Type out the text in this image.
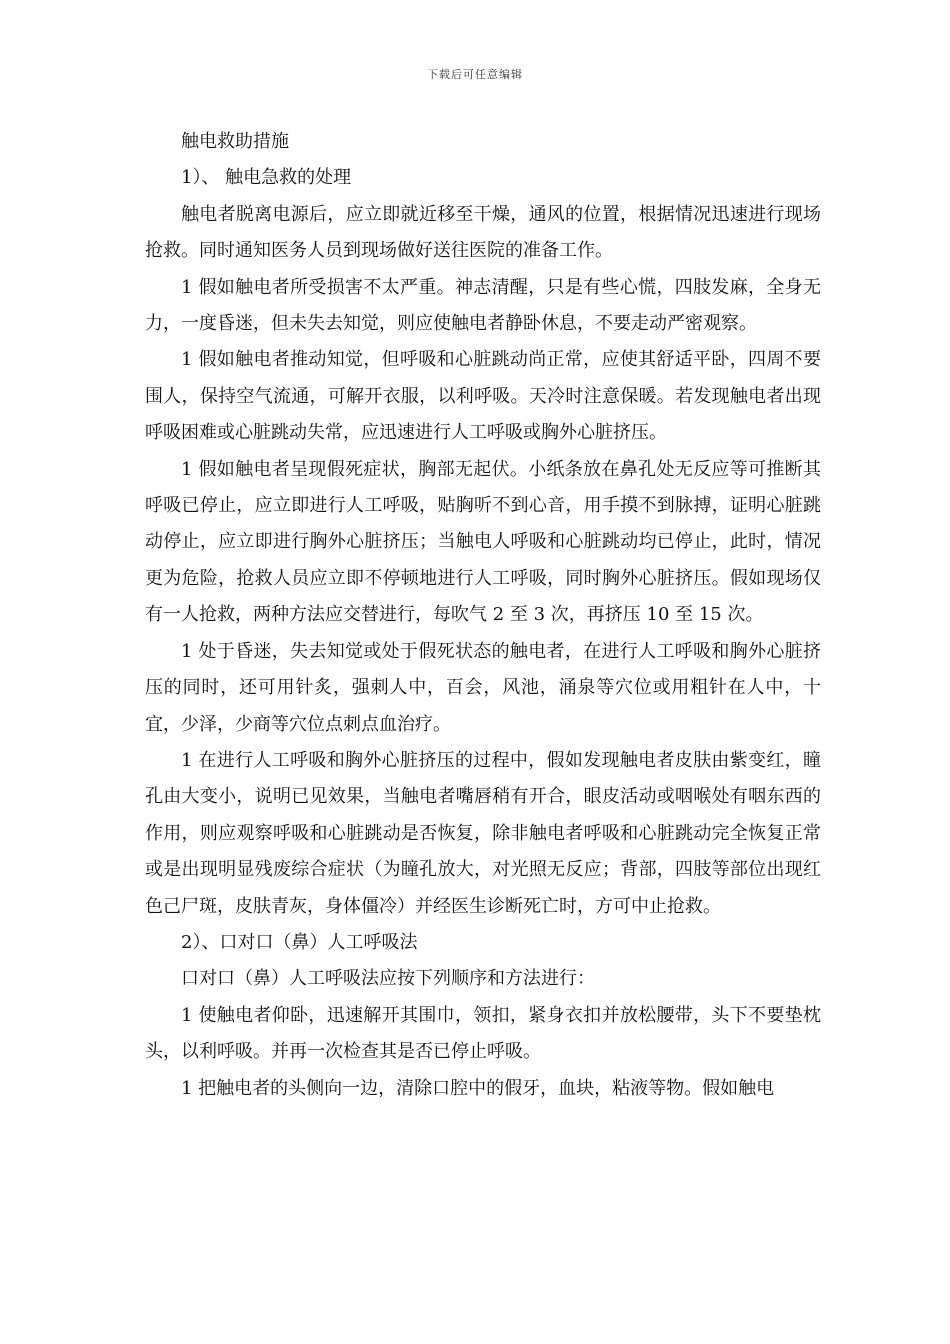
下载后可任意编辑

触电救助措施

1）、 触电急救的处理

触电者脱离电源后，应立即就近移至干燥，通风的位置，根据情况迅速进行现场抢救。同时通知医务人员到现场做好送往医院的准备工作。

1 假如触电者所受损害不太严重。神志清醒，只是有些心慌，四肢发麻，全身无力，一度昏迷，但未失去知觉，则应使触电者静卧休息，不要走动严密观察。

1 假如触电者推动知觉，但呼吸和心脏跳动尚正常，应使其舒适平卧，四周不要围人，保持空气流通，可解开衣服，以利呼吸。天冷时注意保暖。若发现触电者出现呼吸困难或心脏跳动失常，应迅速进行人工呼吸或胸外心脏挤压。

1 假如触电者呈现假死症状，胸部无起伏。小纸条放在鼻孔处无反应等可推断其呼吸已停止，应立即进行人工呼吸，贴胸听不到心音，用手摸不到脉搏，证明心脏跳动停止，应立即进行胸外心脏挤压；当触电人呼吸和心脏跳动均已停止，此时，情况更为危险，抢救人员应立即不停顿地进行人工呼吸，同时胸外心脏挤压。假如现场仅有一人抢救，两种方法应交替进行，每吹气 2 至 3 次，再挤压 10 至 15 次。

1 处于昏迷，失去知觉或处于假死状态的触电者，在进行人工呼吸和胸外心脏挤压的同时，还可用针炙，强刺人中，百会，风池，涌泉等穴位或用粗针在人中，十宜，少泽，少商等穴位点刺点血治疗。

1 在进行人工呼吸和胸外心脏挤压的过程中，假如发现触电者皮肤由紫变红，瞳孔由大变小，说明已见效果，当触电者嘴唇稍有开合，眼皮活动或咽喉处有咽东西的作用，则应观察呼吸和心脏跳动是否恢复，除非触电者呼吸和心脏跳动完全恢复正常或是出现明显残废综合症状（为瞳孔放大，对光照无反应；背部，四肢等部位出现红色己尸斑，皮肤青灰，身体僵冷）并经医生诊断死亡时，方可中止抢救。

2）、口对口（鼻）人工呼吸法

口对口（鼻）人工呼吸法应按下列顺序和方法进行：

1 使触电者仰卧，迅速解开其围巾，领扣，紧身衣扣并放松腰带，头下不要垫枕头，以利呼吸。并再一次检查其是否已停止呼吸。

1 把触电者的头侧向一边，清除口腔中的假牙，血块，粘液等物。假如触电
